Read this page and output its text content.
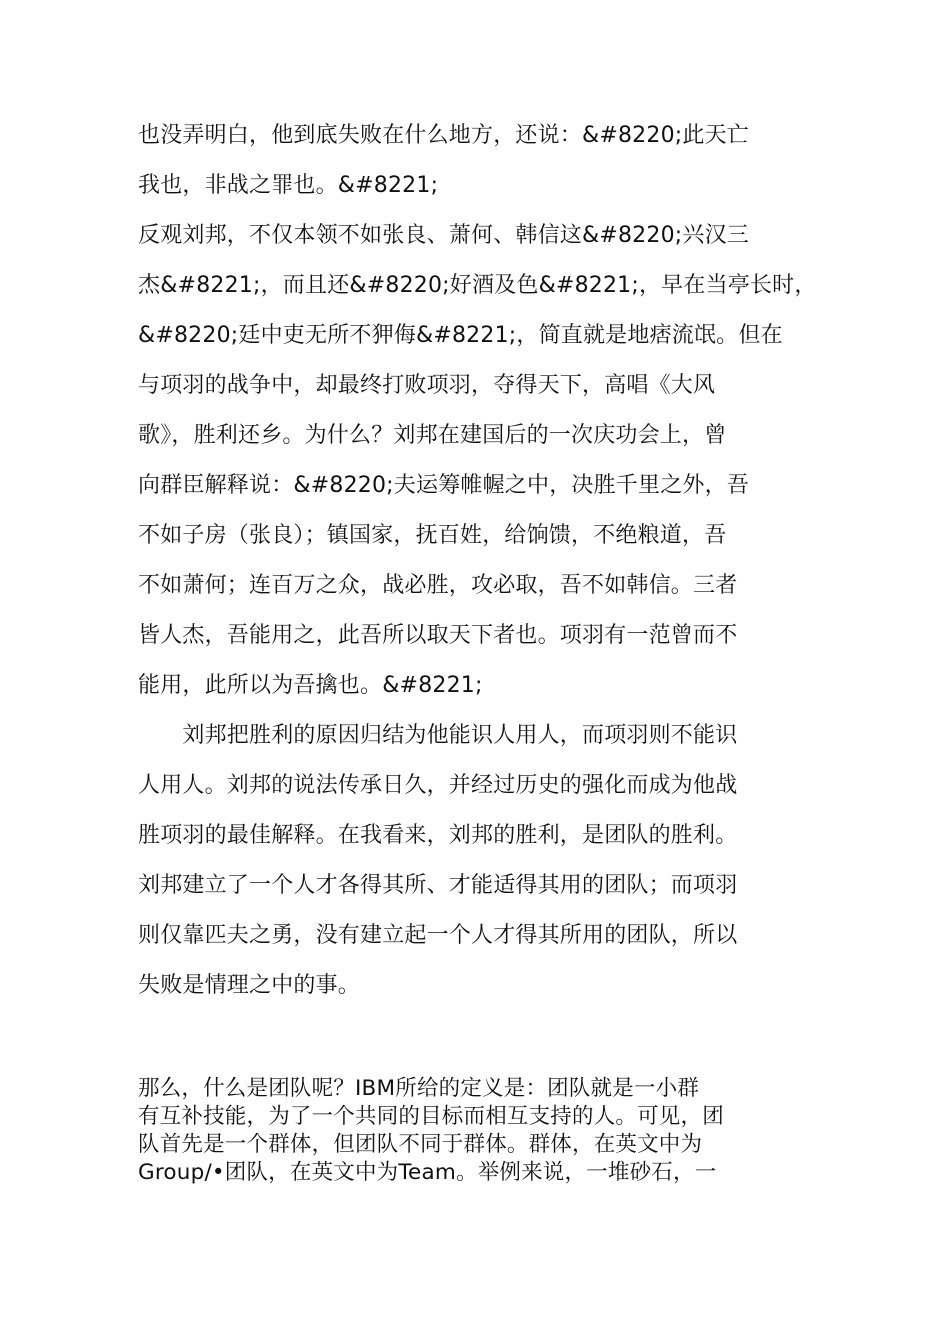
也没弄明白，他到底失败在什么地方，还说：&#8220;此天亡
我也，非战之罪也。&#8221;
反观刘邦，不仅本领不如张良、萧何、韩信这&#8220;兴汉三
杰&#8221;，而且还&#8220;好酒及色&#8221;，早在当亭长时，
&#8220;廷中吏无所不狎侮&#8221;，简直就是地痞流氓。但在
与项羽的战争中，却最终打败项羽，夺得天下，高唱《大风
歌》，胜利还乡。为什么？刘邦在建国后的一次庆功会上，曾
向群臣解释说：&#8220;夫运筹帷幄之中，决胜千里之外，吾
不如子房（张良）；镇国家，抚百姓，给饷馈，不绝粮道，吾
不如萧何；连百万之众，战必胜，攻必取，吾不如韩信。三者
皆人杰，吾能用之，此吾所以取天下者也。项羽有一范曾而不
能用，此所以为吾擒也。&#8221;
　　刘邦把胜利的原因归结为他能识人用人，而项羽则不能识
人用人。刘邦的说法传承日久，并经过历史的强化而成为他战
胜项羽的最佳解释。在我看来，刘邦的胜利，是团队的胜利。
刘邦建立了一个人才各得其所、才能适得其用的团队；而项羽
则仅靠匹夫之勇，没有建立起一个人才得其所用的团队，所以
失败是情理之中的事。
那么，什么是团队呢？IBM所给的定义是：团队就是一小群
有互补技能，为了一个共同的目标而相互支持的人。可见，团
队首先是一个群体，但团队不同于群体。群体，在英文中为
Group/•团队，在英文中为Team。举例来说，一堆砂石，一
